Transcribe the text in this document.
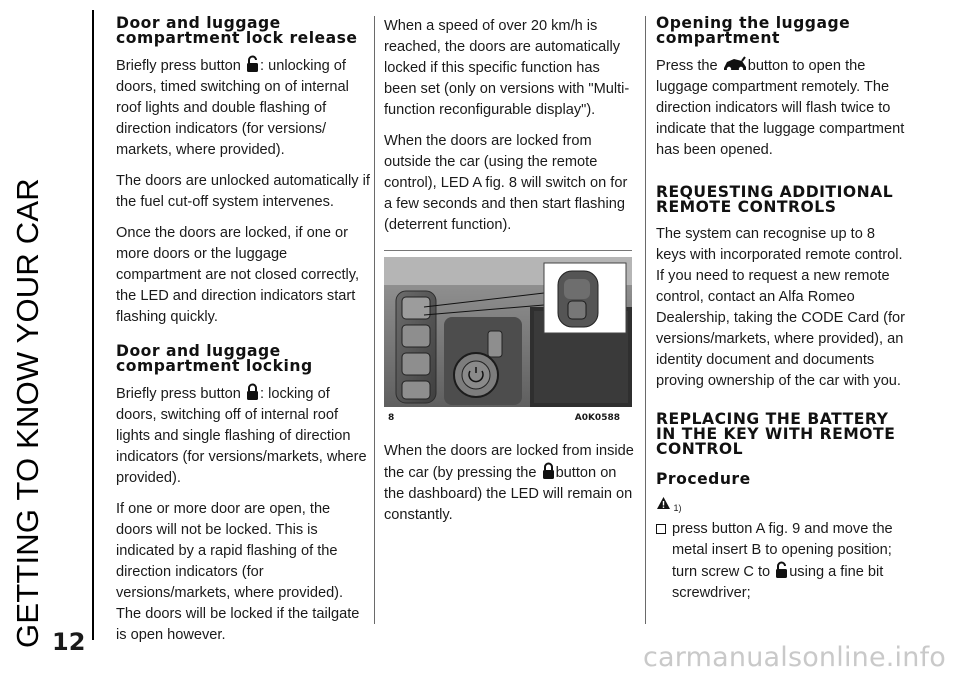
GETTING TO KNOW YOUR CAR 12	carmanualsonline.info
Door and luggage compartment lock release

Briefly press button
: unlocking of doors, timed switching on of internal roof lights and double flashing of direction indicators (for versions/ markets, where provided).

The doors are unlocked automatically if the fuel cut-off system intervenes.

Once the doors are locked, if one or more doors or the luggage compartment are not closed correctly, the LED and direction indicators start flashing quickly.

Door and luggage compartment locking

Briefly press button
: locking of doors, switching off of internal roof lights and single flashing of direction indicators (for versions/markets, where provided).

If one or more door are open, the doors will not be locked. This is indicated by a rapid flashing of the direction indicators (for versions/markets, where provided). The doors will be locked if the tailgate is open however.

When a speed of over 20 km/h is reached, the doors are automatically locked if this specific function has been set (only on versions with "Multi-function reconfigurable display").

When the doors are locked from outside the car (using the remote control), LED A fig. 8 will switch on for a few seconds and then start flashing (deterrent function).

8	A0K0588

When the doors are locked from inside the car (by pressing the
button on the dashboard) the LED will remain on constantly.

Opening the luggage compartment

Press the
button to open the luggage compartment remotely. The direction indicators will flash twice to indicate that the luggage compartment has been opened.

REQUESTING ADDITIONAL REMOTE CONTROLS

The system can recognise up to 8 keys with incorporated remote control. If you need to request a new remote control, contact an Alfa Romeo Dealership, taking the CODE Card (for versions/markets, where provided), an identity document and documents proving ownership of the car with you.

REPLACING THE BATTERY IN THE KEY WITH REMOTE CONTROL
Procedure
1)

press button A fig. 9 and move the metal insert B to opening position; turn screw C to
using a fine bit screwdriver;
